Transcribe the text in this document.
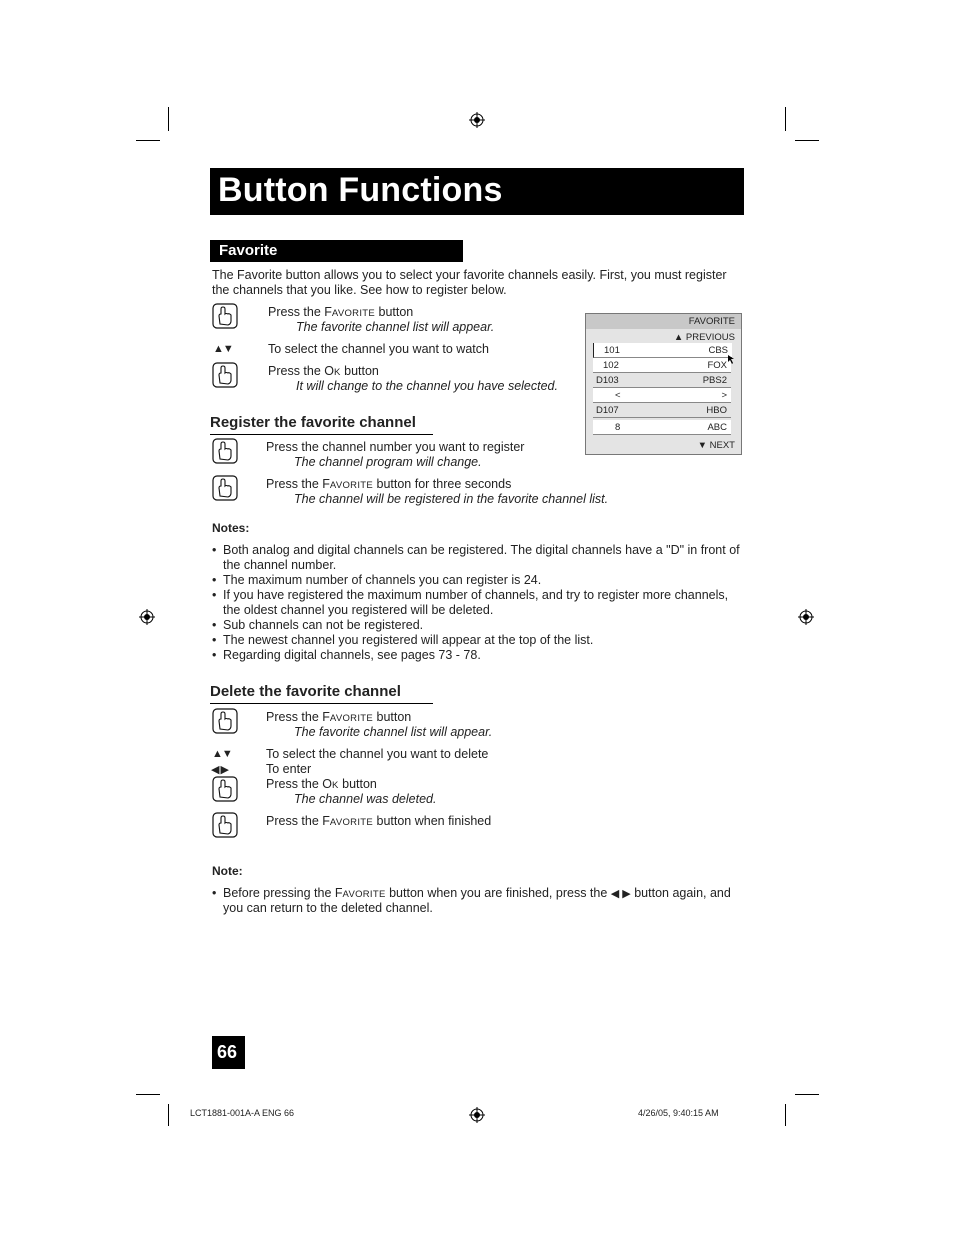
Button Functions
Favorite
The Favorite button allows you to select your favorite channels easily. First, you must register
the channels that you like. See how to register below.
Press the FAVORITE button
The favorite channel list will appear.
▲▼	To select the channel you want to watch
Press the OK button
It will change to the channel you have selected.
FAVORITE
▲ PREVIOUS
101	CBS
102	FOX
D103	PBS2
<	>
D107	HBO
8	ABC
▼ NEXT
Register the favorite channel
Press the channel number you want to register
The channel program will change.
Press the FAVORITE button for three seconds
The channel will be registered in the favorite channel list.
Notes:
• Both analog and digital channels can be registered. The digital channels have a "D" in front of the channel number.
• The maximum number of channels you can register is 24.
• If you have registered the maximum number of channels, and try to register more channels, the oldest channel you registered will be deleted.
• Sub channels can not be registered.
• The newest channel you registered will appear at the top of the list.
• Regarding digital channels, see pages 73 - 78.
Delete the favorite channel
Press the FAVORITE button
The favorite channel list will appear.
▲▼	To select the channel you want to delete
◀ ▶	To enter
Press the OK button
The channel was deleted.
Press the FAVORITE button when finished
Note:
• Before pressing the FAVORITE button when you are finished, press the ◀ ▶ button again, and
you can return to the deleted channel.
66
LCT1881-001A-A ENG 66	4/26/05, 9:40:15 AM
